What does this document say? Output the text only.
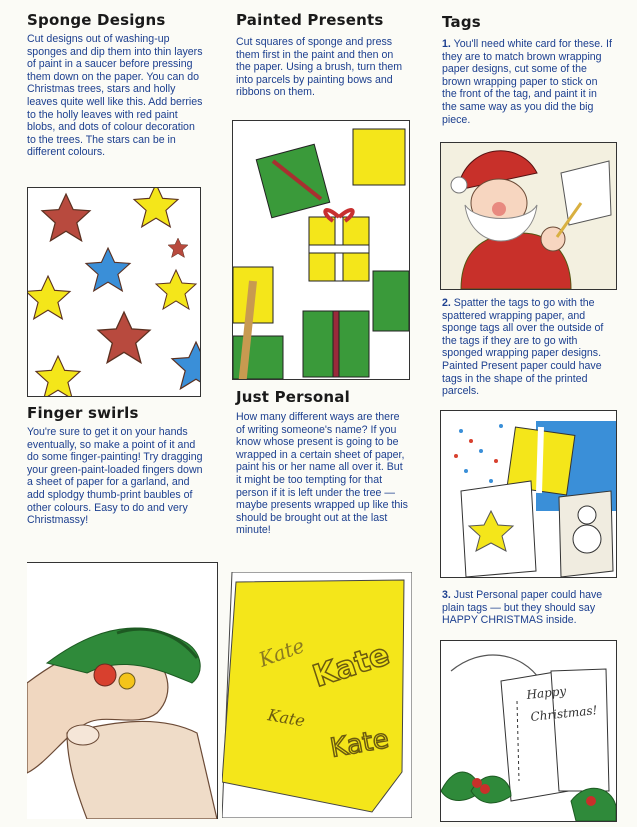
Sponge Designs

Cut designs out of washing-up sponges and dip them into thin layers of paint in a saucer before pressing them down on the paper. You can do Christmas trees, stars and holly leaves quite well like this. Add berries to the holly leaves with red paint blobs, and dots of colour decoration to the trees. The stars can be in different colours.

Finger swirls

You're sure to get it on your hands eventually, so make a point of it and do some finger-painting! Try dragging your green-paint-loaded fingers down a sheet of paper for a garland, and add splodgy thumb-print baubles of other colours. Easy to do and very Christmassy!

Painted Presents

Cut squares of sponge and press them first in the paint and then on the paper. Using a brush, turn them into parcels by painting bows and ribbons on them.

Just Personal

How many different ways are there of writing someone's name? If you know whose present is going to be wrapped in a certain sheet of paper, paint his or her name all over it. But it might be too tempting for that person if it is left under the tree — maybe presents wrapped up like this should be brought out at the last minute!

Kate Kate
Kate
Kate
Tags

1. You'll need white card for these. If they are to match brown wrapping paper designs, cut some of the brown wrapping paper to stick on the front of the tag, and paint it in the same way as you did the big piece.

2. Spatter the tags to go with the spattered wrapping paper, and sponge tags all over the outside of the tags if they are to go with sponged wrapping paper designs. Painted Present paper could have tags in the shape of the printed parcels.

3. Just Personal paper could have plain tags — but they should say HAPPY CHRISTMAS inside.

Happy
Christmas!
